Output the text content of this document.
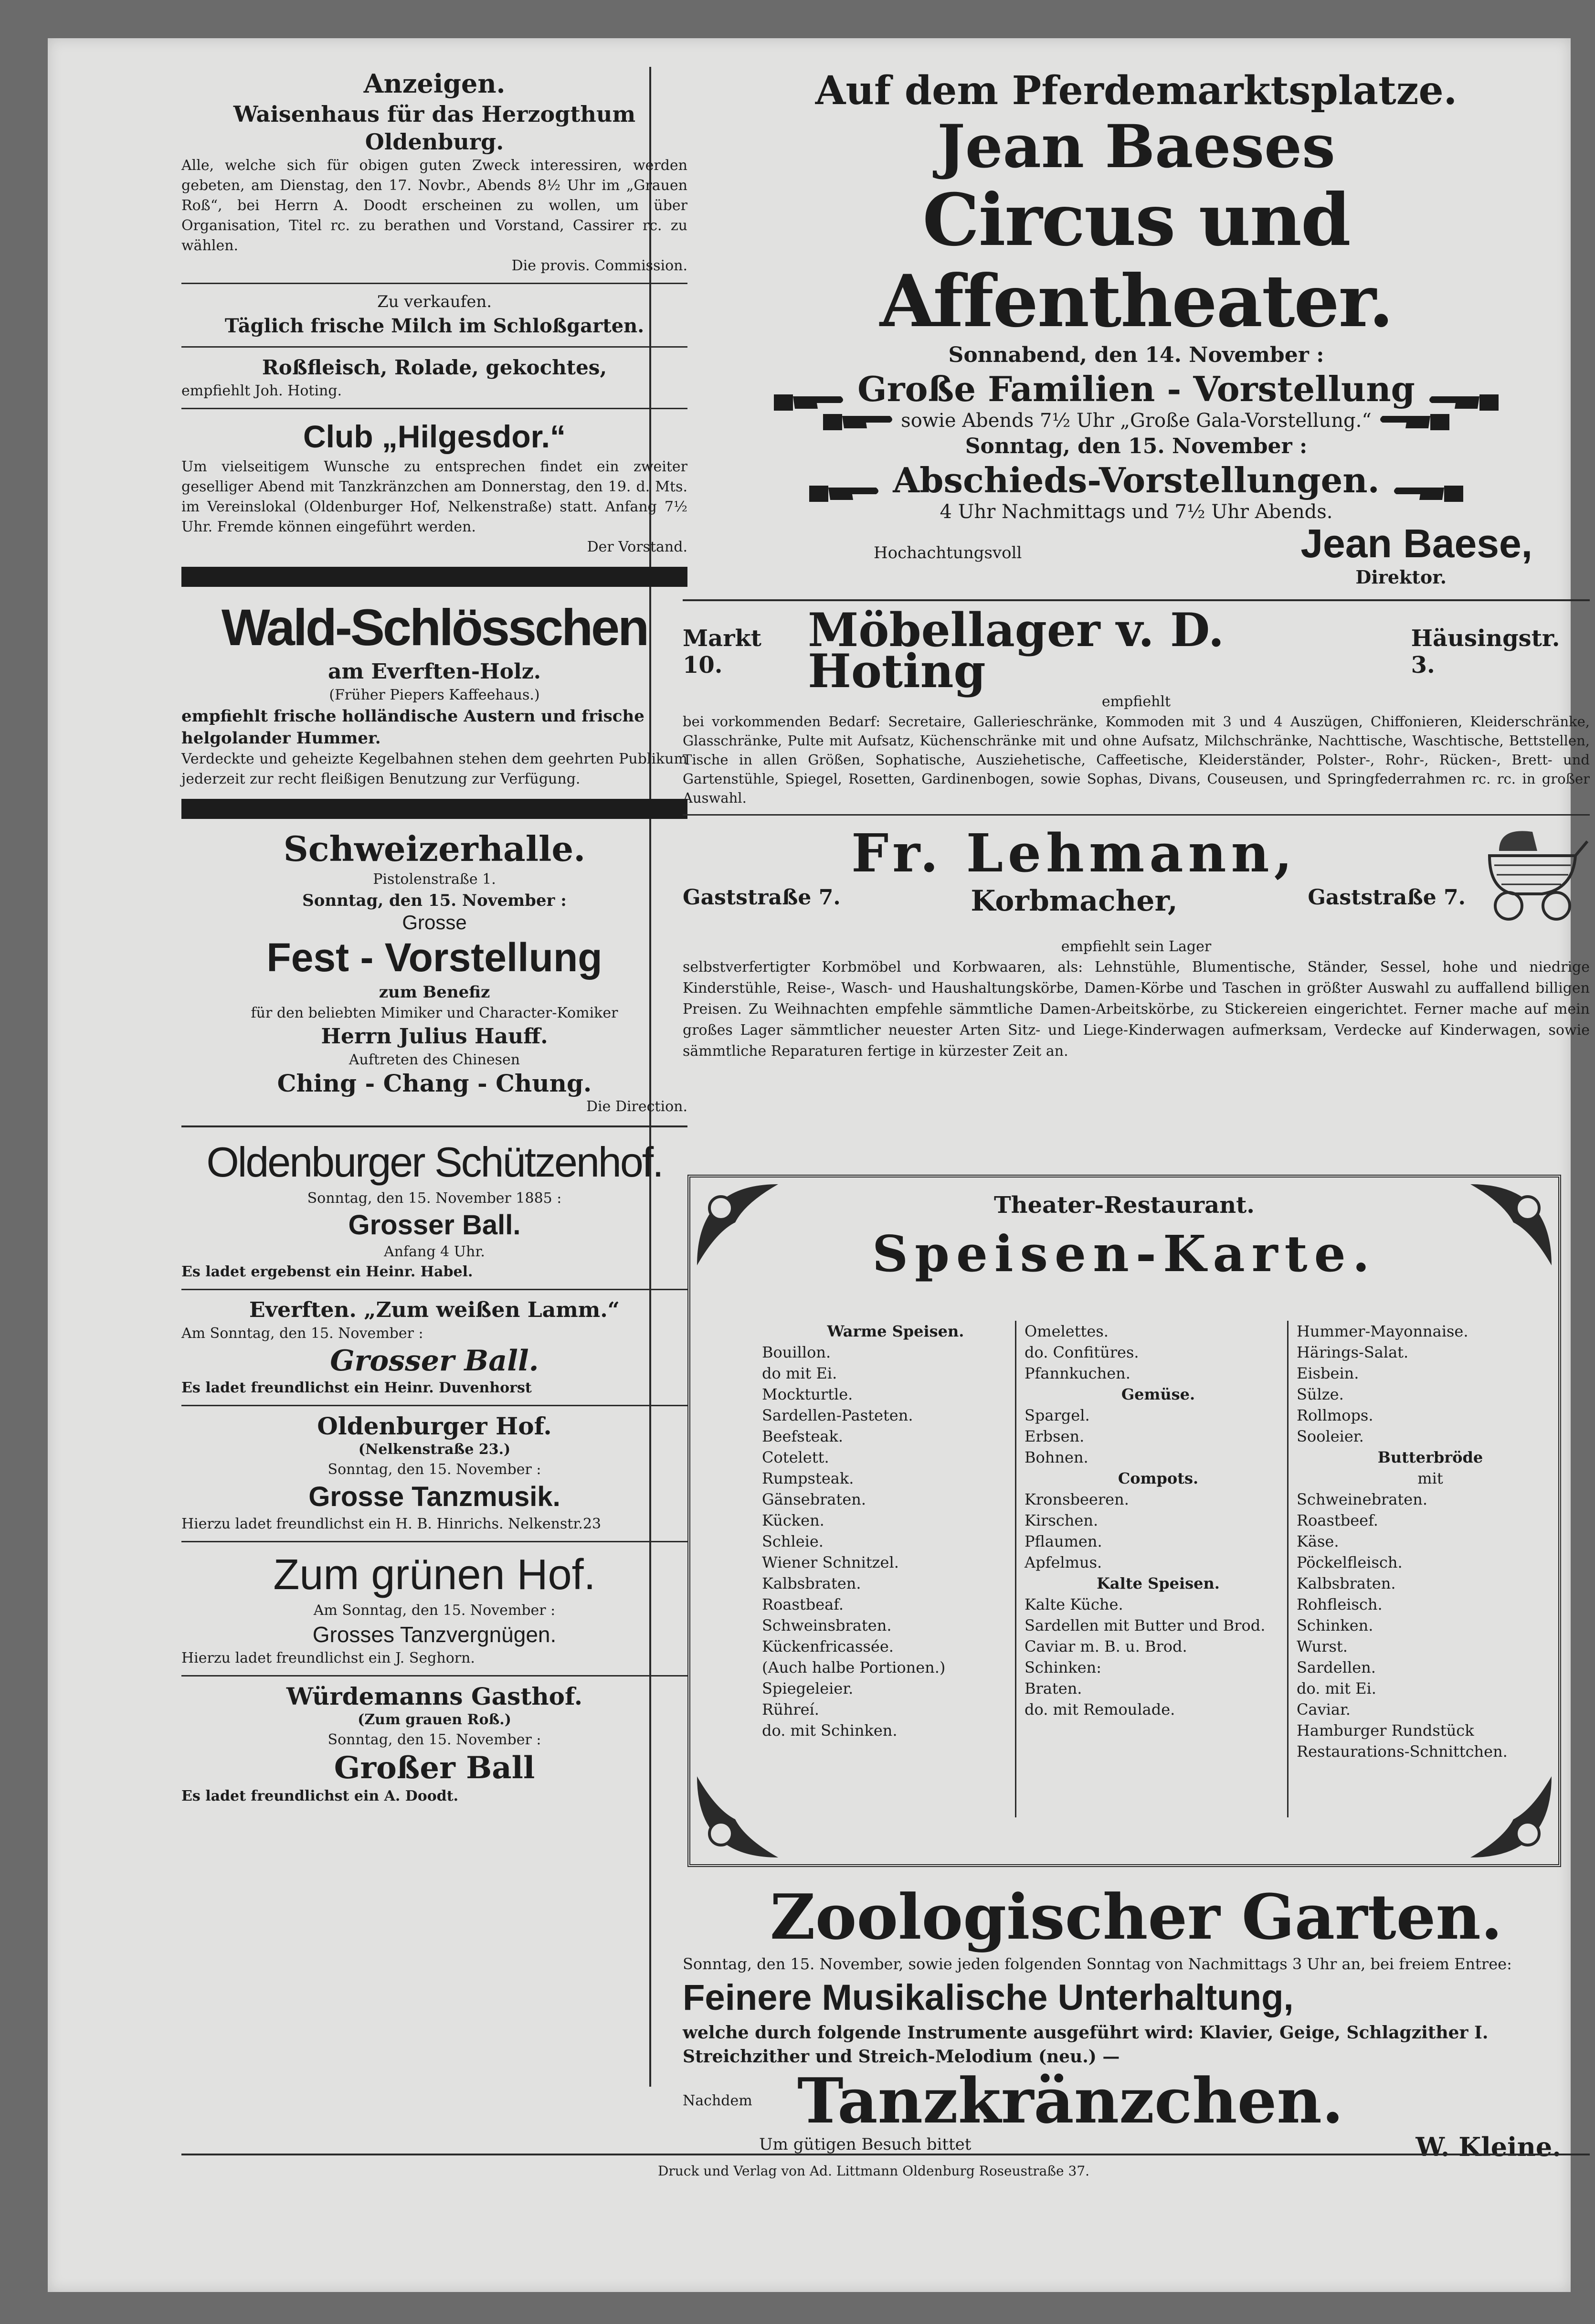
Anzeigen.

Waisenhaus für das Herzogthum Oldenburg.

Alle, welche sich für obigen guten Zweck interessiren, werden gebeten, am Dienstag, den 17. Novbr., Abends 8½ Uhr im „Grauen Roß“, bei Herrn A. Doodt erscheinen zu wollen, um über Organisation, Titel rc. zu berathen und Vorstand, Cassirer rc. zu wählen.

Die provis. Commission.

Zu verkaufen.

Täglich frische Milch im Schloßgarten.

Roßfleisch, Rolade, gekochtes,

empfiehlt Joh. Hoting.

Club „Hilgesdor.“

Um vielseitigem Wunsche zu entsprechen findet ein zweiter geselliger Abend mit Tanzkränzchen am Donnerstag, den 19. d. Mts. im Vereinslokal (Oldenburger Hof, Nelkenstraße) statt. Anfang 7½ Uhr. Fremde können eingeführt werden.

Der Vorstand.

Wald-Schlösschen

am Everften-Holz.

(Früher Piepers Kaffeehaus.)

empfiehlt frische holländische Austern und frische helgolander Hummer.

Verdeckte und geheizte Kegelbahnen stehen dem geehrten Publikum jederzeit zur recht fleißigen Benutzung zur Verfügung.

Schweizerhalle.

Pistolenstraße 1.

Sonntag, den 15. November :

Grosse

Fest - Vorstellung

zum Benefiz

für den beliebten Mimiker und Character-Komiker

Herrn Julius Hauff.

Auftreten des Chinesen

Ching - Chang - Chung.

Die Direction.

Oldenburger Schützenhof.

Sonntag, den 15. November 1885 :

Grosser Ball.

Anfang 4 Uhr.

Es ladet ergebenst ein Heinr. Habel.

Everften. „Zum weißen Lamm.“

Am Sonntag, den 15. November :

Grosser Ball.

Es ladet freundlichst ein Heinr. Duvenhorst

Oldenburger Hof.

(Nelkenstraße 23.)

Sonntag, den 15. November :

Grosse Tanzmusik.

Hierzu ladet freundlichst ein H. B. Hinrichs. Nelkenstr.23

Zum grünen Hof.

Am Sonntag, den 15. November :

Grosses Tanzvergnügen.

Hierzu ladet freundlichst ein J. Seghorn.

Würdemanns Gasthof.

(Zum grauen Roß.)

Sonntag, den 15. November :

Großer Ball

Es ladet freundlichst ein A. Doodt.

Auf dem Pferdemarktsplatze.

Jean Baeses

Circus und Affentheater.

Sonnabend, den 14. November :

Große Familien - Vorstellung

sowie Abends 7½ Uhr „Große Gala-Vorstellung.“

Sonntag, den 15. November :

Abschieds-Vorstellungen.

4 Uhr Nachmittags und 7½ Uhr Abends.

Hochachtungsvoll	Jean Baese,

Direktor.

Markt 10.
Möbellager v. D. Hoting
Häusingstr. 3.

empfiehlt

bei vorkommenden Bedarf: Secretaire, Gallerieschränke, Kommoden mit 3 und 4 Auszügen, Chiffonieren, Kleiderschränke, Glasschränke, Pulte mit Aufsatz, Küchenschränke mit und ohne Aufsatz, Milchschränke, Nachttische, Waschtische, Bettstellen, Tische in allen Größen, Sophatische, Ausziehetische, Caffeetische, Kleiderständer, Polster-, Rohr-, Rücken-, Brett- und Gartenstühle, Spiegel, Rosetten, Gardinenbogen, sowie Sophas, Divans, Couseusen, und Springfederrahmen rc. rc. in großer Auswahl.

Fr. Lehmann,

Gaststraße 7.	Korbmacher,	Gaststraße 7.

empfiehlt sein Lager

selbstverfertigter Korbmöbel und Korbwaaren, als: Lehnstühle, Blumentische, Ständer, Sessel, hohe und niedrige Kinderstühle, Reise-, Wasch- und Haushaltungskörbe, Damen-Körbe und Taschen in größter Auswahl zu auffallend billigen Preisen. Zu Weihnachten empfehle sämmtliche Damen-Arbeitskörbe, zu Stickereien eingerichtet. Ferner mache auf mein großes Lager sämmtlicher neuester Arten Sitz- und Liege-Kinderwagen aufmerksam, Verdecke auf Kinderwagen, sowie sämmtliche Reparaturen fertige in kürzester Zeit an.

Theater-Restaurant.

Speisen-Karte.

Warme Speisen.

Bouillon.

do mit Ei.

Mockturtle.

Sardellen-Pasteten.

Beefsteak.

Cotelett.

Rumpsteak.

Gänsebraten.

Kücken.

Schleie.

Wiener Schnitzel.

Kalbsbraten.

Roastbeaf.

Schweinsbraten.

Kückenfricassée.

(Auch halbe Portionen.)

Spiegeleier.

Rühreí.

do. mit Schinken.

Omelettes.

do. Confitüres.

Pfannkuchen.

Gemüse.

Spargel.

Erbsen.

Bohnen.

Compots.

Kronsbeeren.

Kirschen.

Pflaumen.

Apfelmus.

Kalte Speisen.

Kalte Küche.

Sardellen mit Butter und Brod.

Caviar m. B. u. Brod.

Schinken:

Braten.

do. mit Remoulade.

Hummer-Mayonnaise.

Härings-Salat.

Eisbein.

Sülze.

Rollmops.

Sooleier.

Butterbröde

mit

Schweinebraten.

Roastbeef.

Käse.

Pöckelfleisch.

Kalbsbraten.

Rohfleisch.

Schinken.

Wurst.

Sardellen.

do. mit Ei.

Caviar.

Hamburger Rundstück

Restaurations-Schnittchen.

Zoologischer Garten.

Sonntag, den 15. November, sowie jeden folgenden Sonntag von Nachmittags 3 Uhr an, bei freiem Entree:

Feinere Musikalische Unterhaltung,

welche durch folgende Instrumente ausgeführt wird: Klavier, Geige, Schlagzither I. Streichzither und Streich-Melodium (neu.) —

Nachdem Tanzkränzchen.
Um gütigen Besuch bittet	W. Kleine.

Druck und Verlag von Ad. Littmann Oldenburg Roseustraße 37.
